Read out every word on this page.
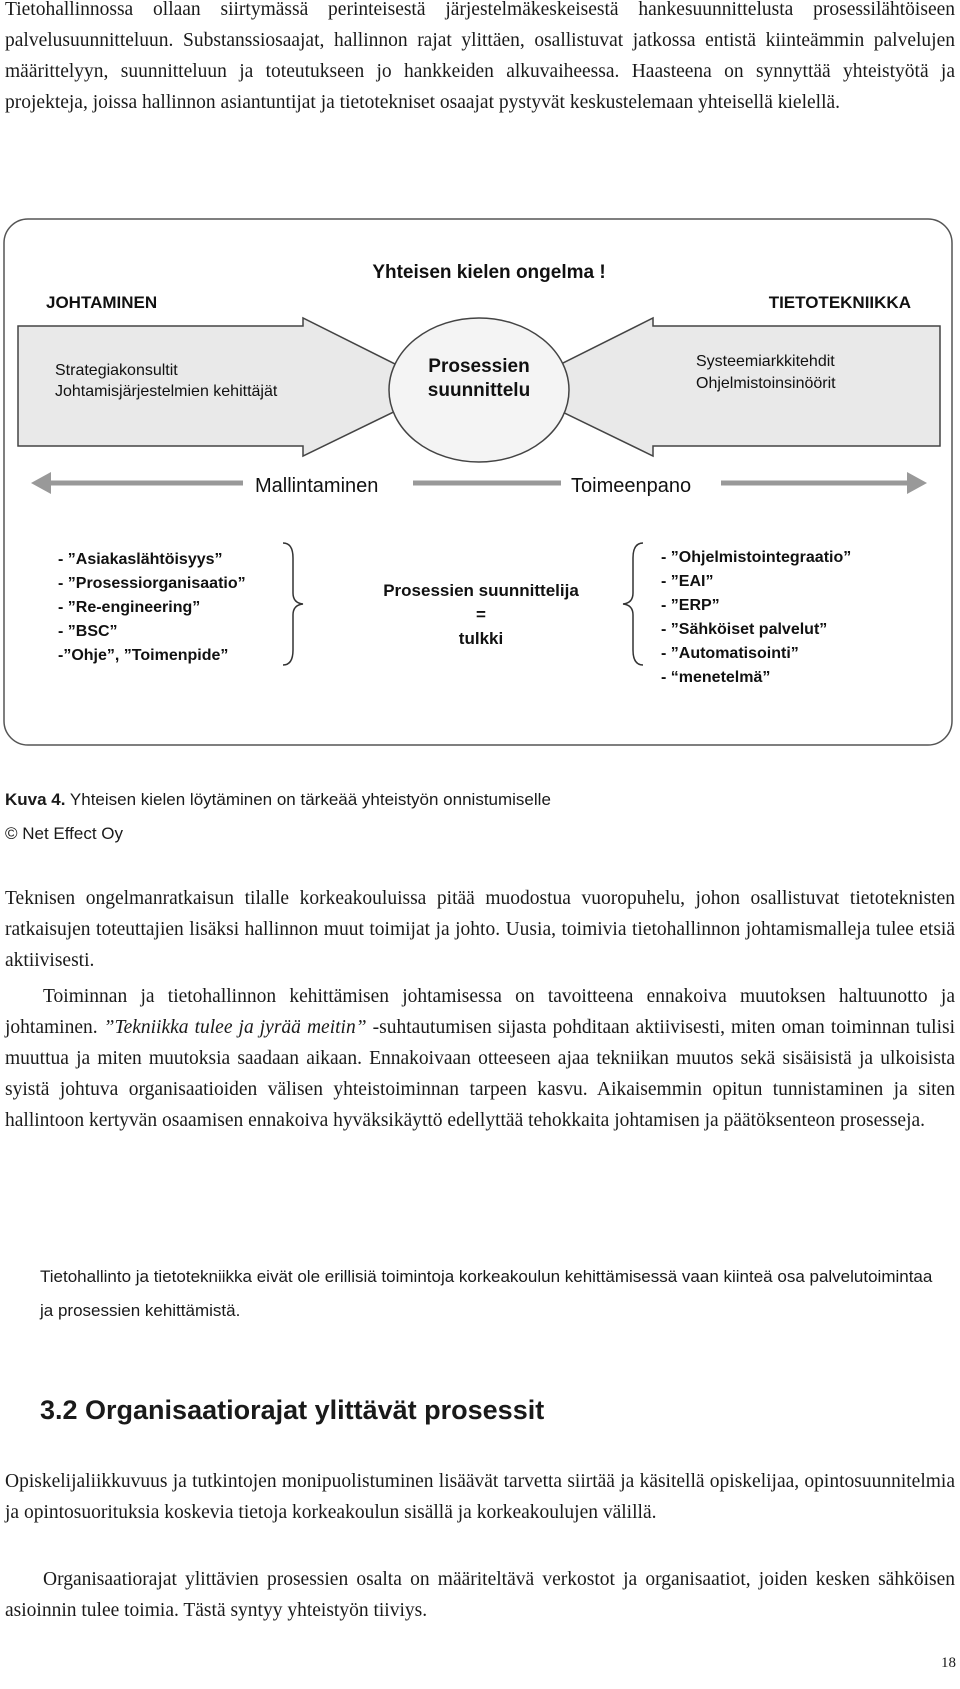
Tietohallinnossa ollaan siirtymässä perinteisestä järjestelmäkeskeisestä hankesuunnittelusta prosessilähtöiseen palvelusuunnitteluun. Substanssiosaajat, hallinnon rajat ylittäen, osallistuvat jatkossa entistä kiinteämmin palvelujen määrittelyyn, suunnitteluun ja toteutukseen jo hankkeiden alkuvaiheessa. Haasteena on synnyttää yhteistyötä ja projekteja, joissa hallinnon asiantuntijat ja tietotekniset osaajat pystyvät keskustelemaan yhteisellä kielellä.

Yhteisen kielen ongelma !
JOHTAMINEN	TIETOTEKNIIKKA
Strategiakonsultit
Johtamisjärjestelmien kehittäjät
Systeemiarkkitehdit
Ohjelmistoinsinöörit
Prosessien
suunnittelu
Mallintaminen	Toimeenpano
- ”Asiakaslähtöisyys”
- ”Prosessiorganisaatio”
- ”Re-engineering”
- ”BSC”
-”Ohje”, ”Toimenpide”
Prosessien suunnittelija
=
tulkki
- ”Ohjelmistointegraatio”
- ”EAI”
- ”ERP”
- ”Sähköiset palvelut”
- ”Automatisointi”
- “menetelmä”

Kuva 4. Yhteisen kielen löytäminen on tärkeää yhteistyön onnistumiselle

© Net Effect Oy

Teknisen ongelmanratkaisun tilalle korkeakouluissa pitää muodostua vuoropuhelu, johon osallistuvat tietoteknisten ratkaisujen toteuttajien lisäksi hallinnon muut toimijat ja johto. Uusia, toimivia tietohallinnon johtamismalleja tulee etsiä aktiivisesti.

Toiminnan ja tietohallinnon kehittämisen johtamisessa on tavoitteena ennakoiva muutoksen haltuunotto ja johtaminen. ”Tekniikka tulee ja jyrää meitin” -suhtautumisen sijasta pohditaan aktiivisesti, miten oman toiminnan tulisi muuttua ja miten muutoksia saadaan aikaan. Ennakoivaan otteeseen ajaa tekniikan muutos sekä sisäisistä ja ulkoisista syistä johtuva organisaatioiden välisen yhteistoiminnan tarpeen kasvu. Aikaisemmin opitun tunnistaminen ja siten hallintoon kertyvän osaamisen ennakoiva hyväksikäyttö edellyttää tehokkaita johtamisen ja päätöksenteon prosesseja.

Tietohallinto ja tietotekniikka eivät ole erillisiä toimintoja korkeakoulun kehittämisessä vaan kiinteä osa palvelutoimintaa ja prosessien kehittämistä.

3.2 Organisaatiorajat ylittävät prosessit

Opiskelijaliikkuvuus ja tutkintojen monipuolistuminen lisäävät tarvetta siirtää ja käsitellä opiskelijaa, opintosuunnitelmia ja opintosuorituksia koskevia tietoja korkeakoulun sisällä ja korkeakoulujen välillä.

Organisaatiorajat ylittävien prosessien osalta on määriteltävä verkostot ja organisaatiot, joiden kesken sähköisen asioinnin tulee toimia. Tästä syntyy yhteistyön tiiviys.

18
